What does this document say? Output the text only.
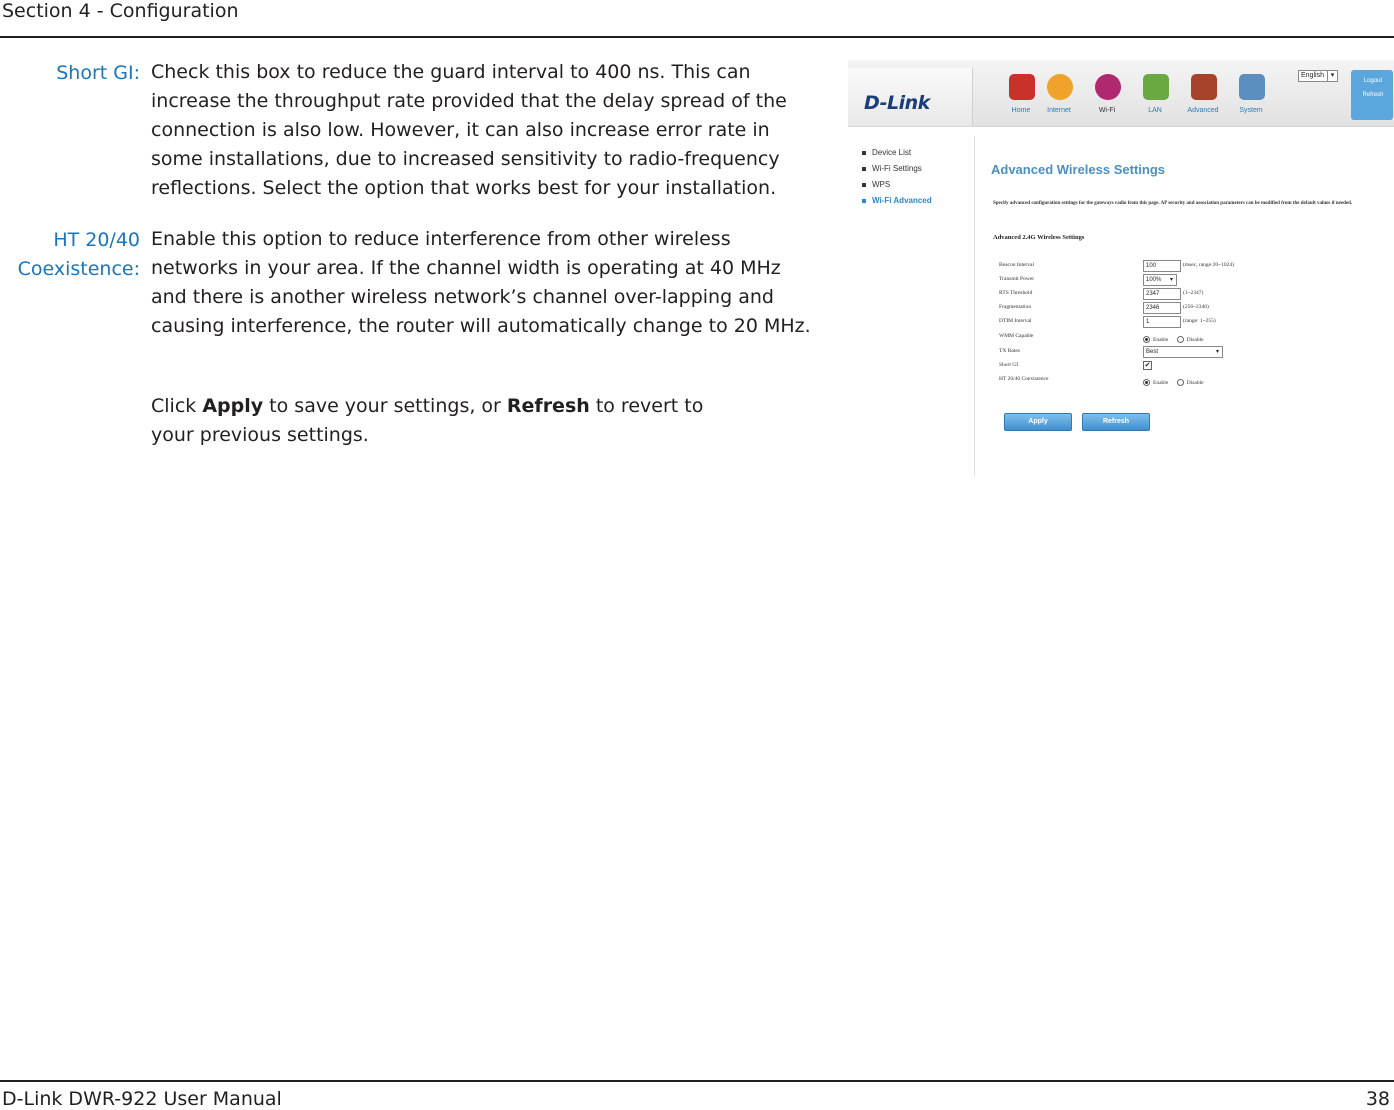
Section 4 - Configuration
Short GI: Check this box to reduce the guard interval to 400 ns. This can increase the throughput rate provided that the delay spread of the connection is also low. However, it can also increase error rate in some installations, due to increased sensitivity to radio-frequency reflections. Select the option that works best for your installation.
HT 20/40
Coexistence:
Enable this option to reduce interference from other wireless networks in your area. If the channel width is operating at 40 MHz and there is another wireless network’s channel over-lapping and causing interference, the router will automatically change to 20 MHz.
Click Apply to save your settings, or Refresh to revert to your previous settings.
D-Link	Home	Internet	Wi-Fi	LAN	Advanced	System
English ▾
Logout
Refresh
Device List
Wi-Fi Settings
WPS
Wi-Fi Advanced
Advanced Wireless Settings
Specify advanced configuration settings for the gateways radio from this page. AP security and association parameters can be modified from the default values if needed.
Advanced 2.4G Wireless Settings
Beacon Interval	100	(msec, range:20~1024)
Transmit Power	100%	▾
RTS Threshold	2347	(1~2347)
Fragmentation	2346	(256~2346)
DTIM Interval	1	(range: 1~255)
WMM Capable
Enable	Disable
TX Rates	Best	▾
Short GI	✔
HT 20/40 Coexistence
Enable	Disable
Apply	Refresh
D-Link DWR-922 User Manual	38
